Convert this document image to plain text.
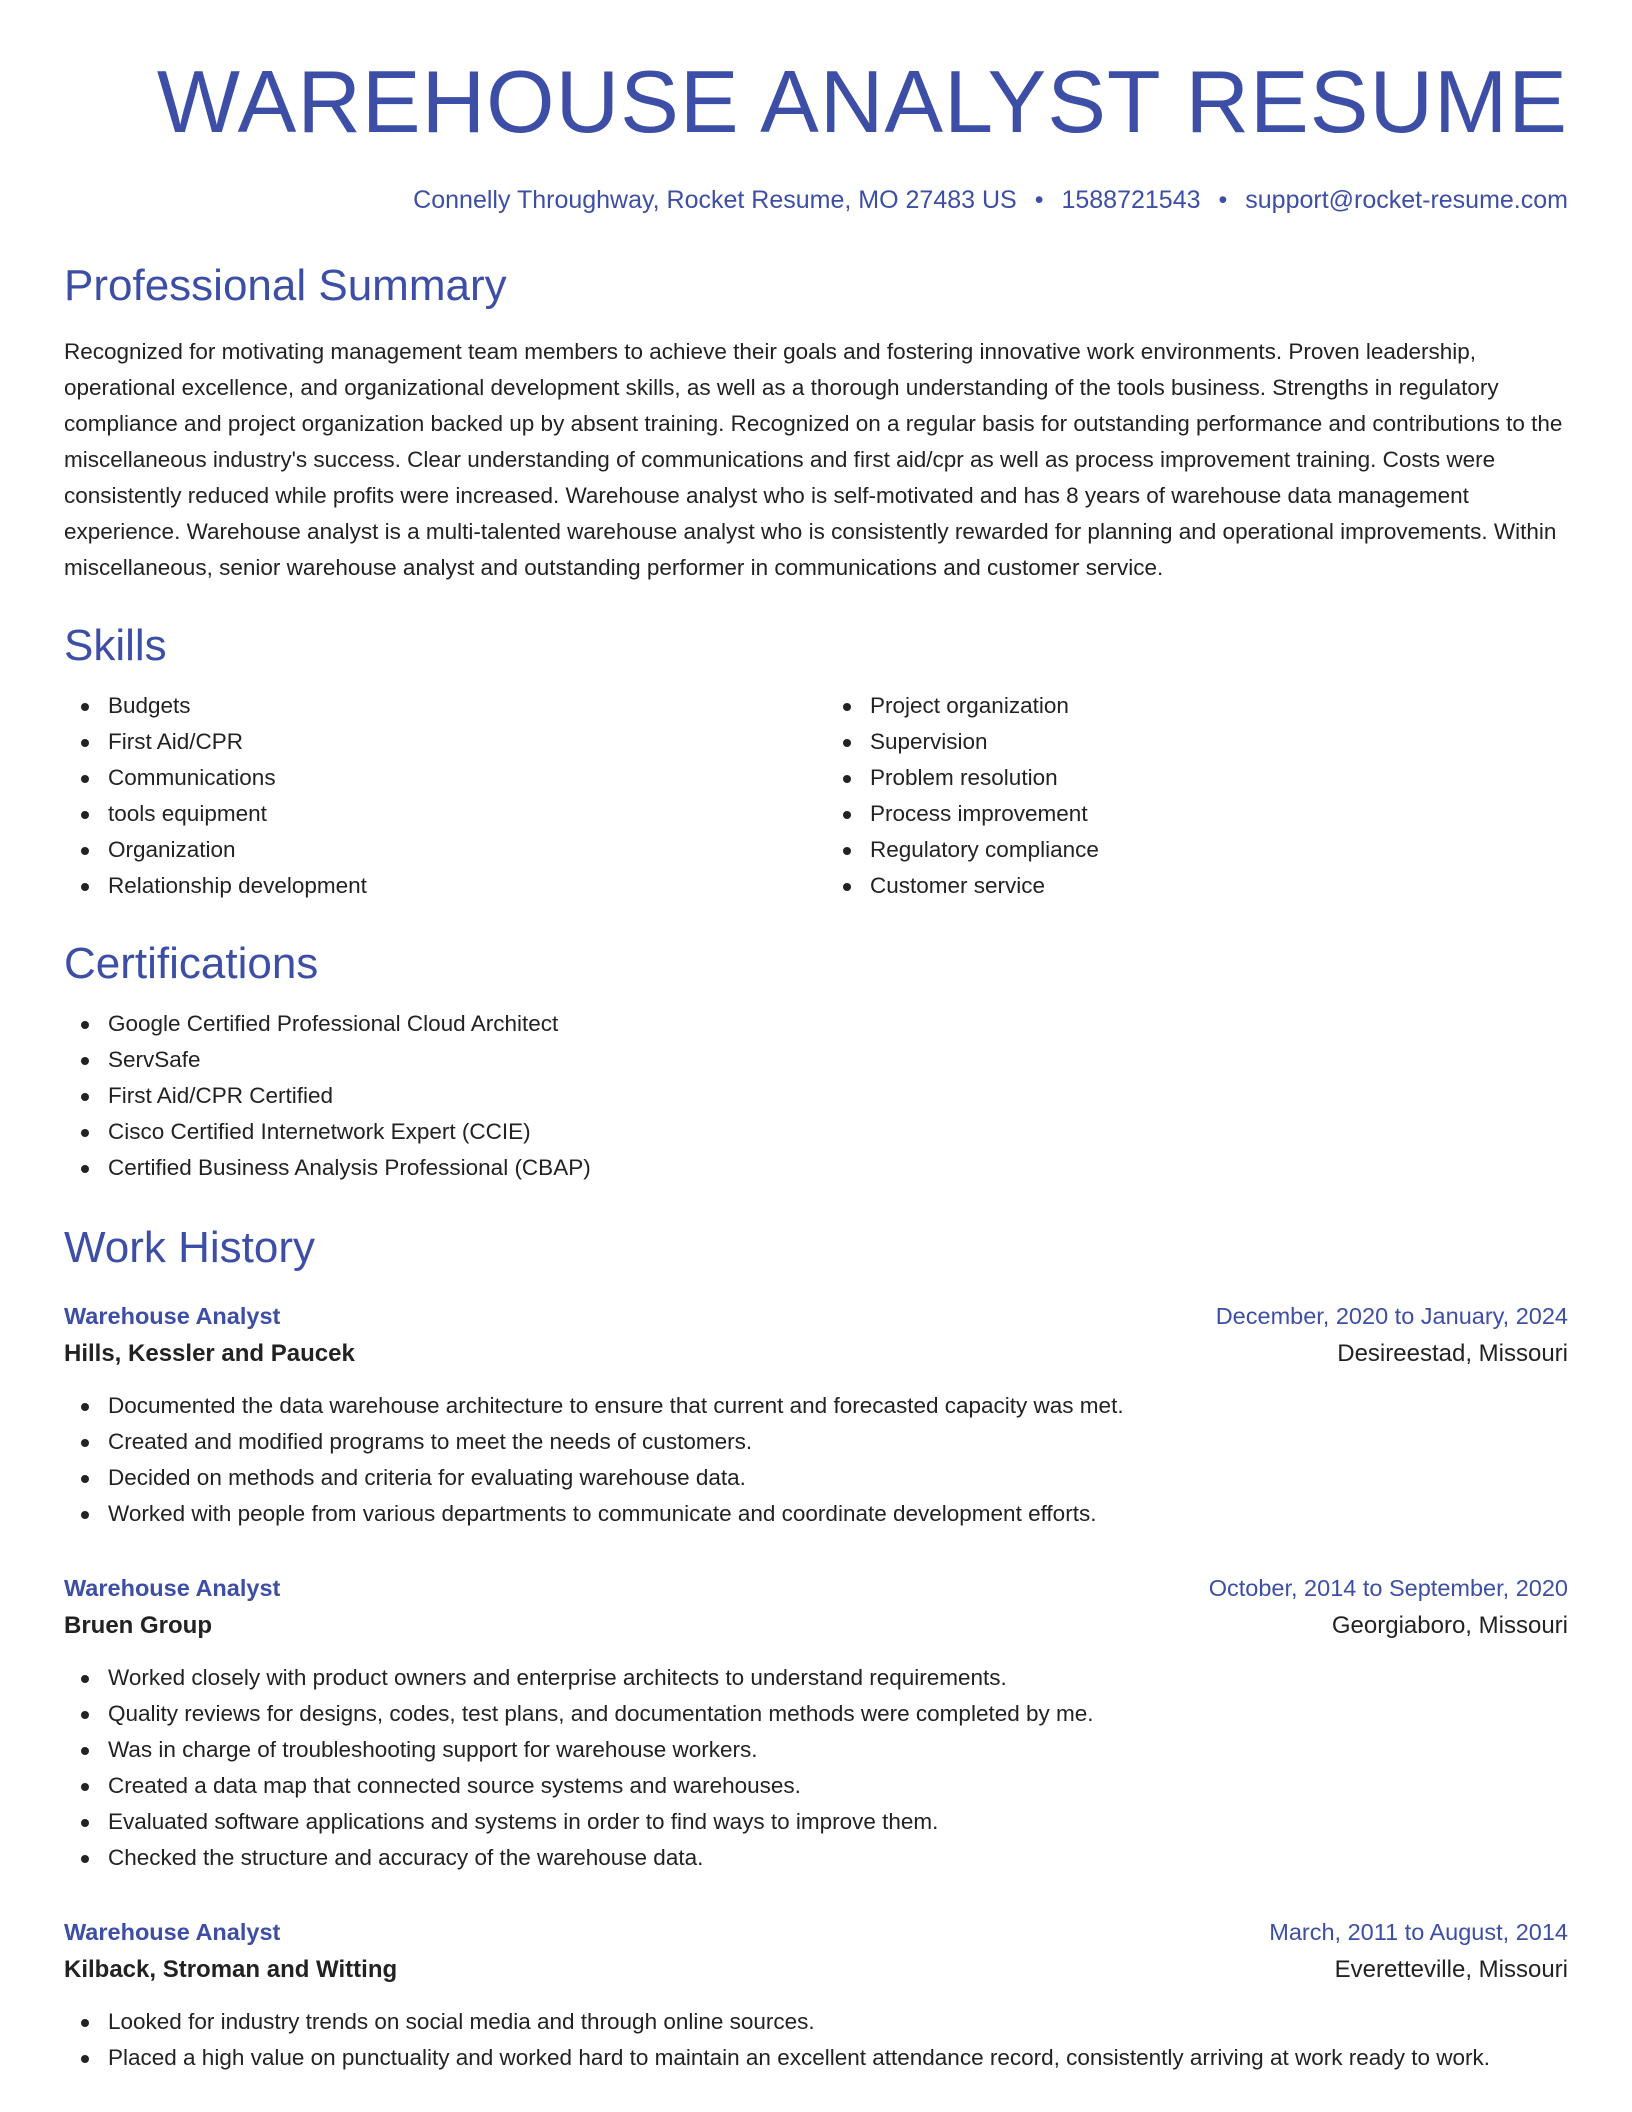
WAREHOUSE ANALYST RESUME
Connelly Throughway, Rocket Resume, MO 27483 US • 1588721543 • support@rocket-resume.com
Professional Summary

Recognized for motivating management team members to achieve their goals and fostering innovative work environments. Proven leadership, operational excellence, and organizational development skills, as well as a thorough understanding of the tools business. Strengths in regulatory compliance and project organization backed up by absent training. Recognized on a regular basis for outstanding performance and contributions to the miscellaneous industry's success. Clear understanding of communications and first aid/cpr as well as process improvement training. Costs were consistently reduced while profits were increased. Warehouse analyst who is self-motivated and has 8 years of warehouse data management experience. Warehouse analyst is a multi-talented warehouse analyst who is consistently rewarded for planning and operational improvements. Within miscellaneous, senior warehouse analyst and outstanding performer in communications and customer service.

Skills
Budgets
First Aid/CPR
Communications
tools equipment
Organization
Relationship development
Project organization
Supervision
Problem resolution
Process improvement
Regulatory compliance
Customer service
Certifications
Google Certified Professional Cloud Architect
ServSafe
First Aid/CPR Certified
Cisco Certified Internetwork Expert (CCIE)
Certified Business Analysis Professional (CBAP)
Work History
Warehouse Analyst	December, 2020 to January, 2024
Hills, Kessler and Paucek	Desireestad, Missouri
Documented the data warehouse architecture to ensure that current and forecasted capacity was met.
Created and modified programs to meet the needs of customers.
Decided on methods and criteria for evaluating warehouse data.
Worked with people from various departments to communicate and coordinate development efforts.
Warehouse Analyst	October, 2014 to September, 2020
Bruen Group	Georgiaboro, Missouri
Worked closely with product owners and enterprise architects to understand requirements.
Quality reviews for designs, codes, test plans, and documentation methods were completed by me.
Was in charge of troubleshooting support for warehouse workers.
Created a data map that connected source systems and warehouses.
Evaluated software applications and systems in order to find ways to improve them.
Checked the structure and accuracy of the warehouse data.
Warehouse Analyst	March, 2011 to August, 2014
Kilback, Stroman and Witting	Everetteville, Missouri
Looked for industry trends on social media and through online sources.
Placed a high value on punctuality and worked hard to maintain an excellent attendance record, consistently arriving at work ready to work.
